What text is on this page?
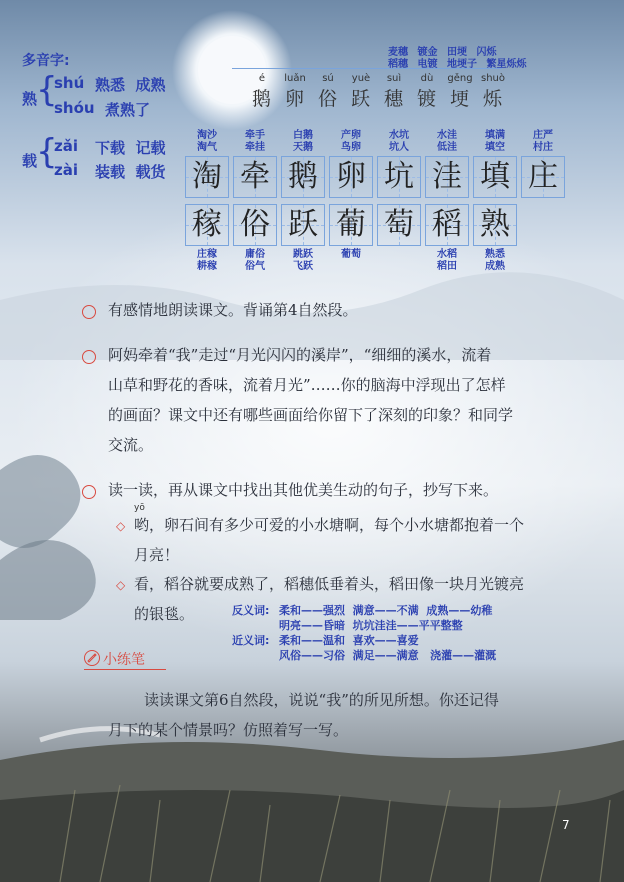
多音字:
熟
{
shú 熟悉  成熟
shóu 煮熟了
载
{
zǎi 下载  记载
zài 装载  载货
麦穗 镀金 田埂 闪烁
稻穗 电镀 地埂子 繁星烁烁
é
鹅
luǎn
卵
sú
俗
yuè
跃
suì
穗
dù
镀
gěng
埂
shuò
烁
淘
淘沙
淘气
牵
牵手
牵挂
鹅
白鹅
天鹅
卵
产卵
鸟卵
坑
水坑
坑人
洼
水洼
低洼
填
填满
填空
庄
庄严
村庄
稼
庄稼
耕稼
俗
庸俗
俗气
跃
跳跃
飞跃
葡
葡萄
萄 稻
水稻
稻田
熟
熟悉
成熟
有感情地朗读课文。背诵第4自然段。
阿妈牵着“我”走过“月光闪闪的溪岸”，“细细的溪水，流着
山草和野花的香味，流着月光”……你的脑海中浮现出了怎样
的画面？课文中还有哪些画面给你留下了深刻的印象？和同学
交流。
读一读，再从课文中找出其他优美生动的句子，抄写下来。
yō
◇ 哟，卵石间有多少可爱的小水塘啊，每个小水塘都抱着一个
月亮！
◇ 看，稻谷就要成熟了，稻穗低垂着头，稻田像一块月光镀亮
的银毯。	反义词: 柔和——强烈  满意——不满  成熟——幼稚
明亮——昏暗  坑坑洼洼——平平整整
近义词: 柔和——温和  喜欢——喜爱
风俗——习俗  满足——满意   浇灌——灌溉
小练笔
读读课文第6自然段，说说“我”的所见所想。你还记得
月下的某个情景吗？仿照着写一写。
7
